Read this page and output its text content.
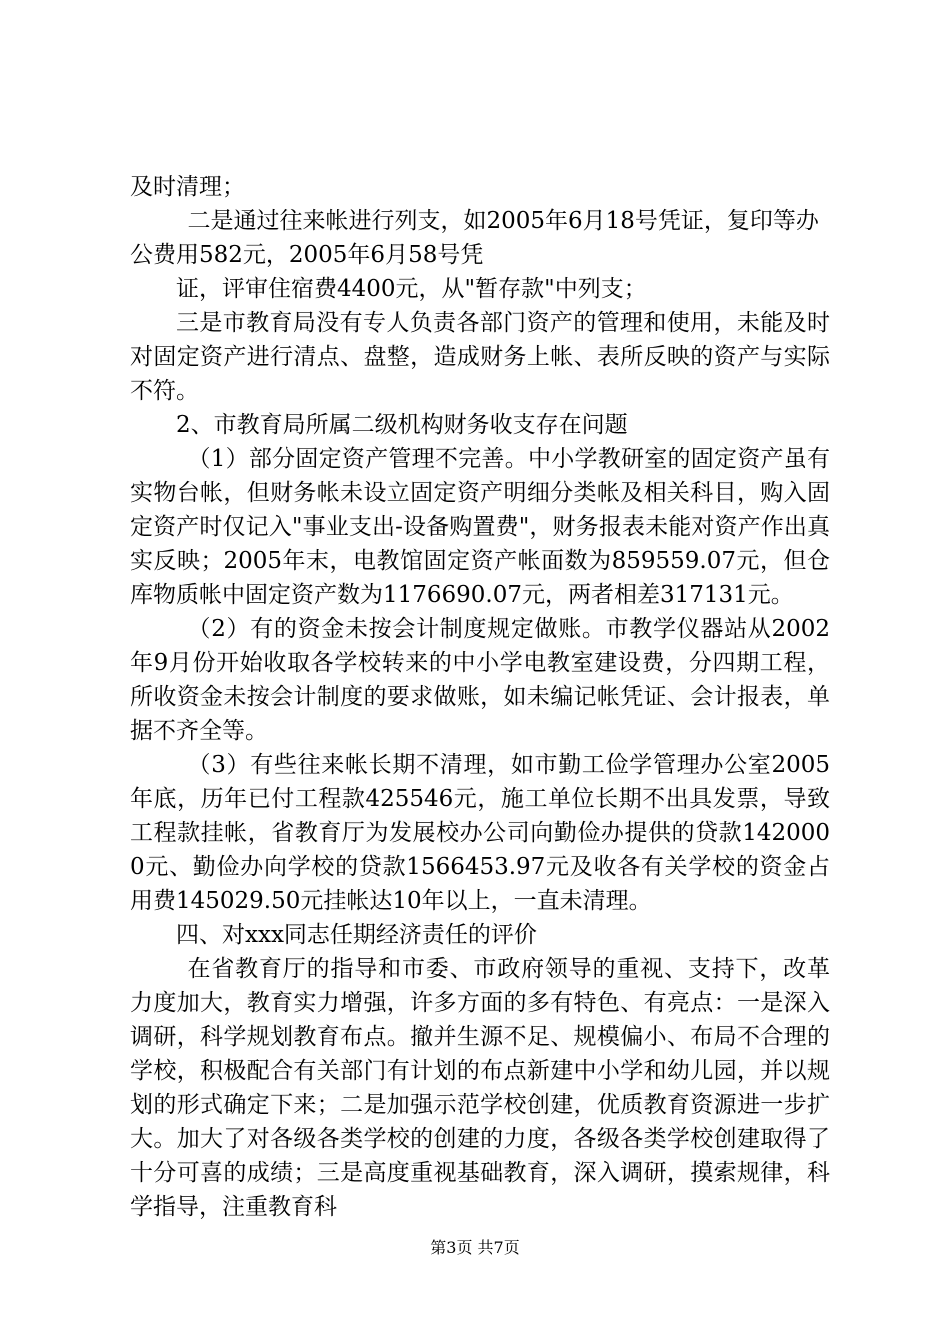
及时清理；

二是通过往来帐进行列支，如2005年6月18号凭证，复印等办公费用582元，2005年6月58号凭

证，评审住宿费4400元，从"暂存款"中列支；

三是市教育局没有专人负责各部门资产的管理和使用，未能及时对固定资产进行清点、盘整，造成财务上帐、表所反映的资产与实际不符。

2、市教育局所属二级机构财务收支存在问题

（1）部分固定资产管理不完善。中小学教研室的固定资产虽有实物台帐，但财务帐未设立固定资产明细分类帐及相关科目，购入固定资产时仅记入"事业支出-设备购置费"，财务报表未能对资产作出真实反映；2005年末，电教馆固定资产帐面数为859559.07元，但仓库物质帐中固定资产数为1176690.07元，两者相差317131元。

（2）有的资金未按会计制度规定做账。市教学仪器站从2002年9月份开始收取各学校转来的中小学电教室建设费，分四期工程，所收资金未按会计制度的要求做账，如未编记帐凭证、会计报表，单据不齐全等。

（3）有些往来帐长期不清理，如市勤工俭学管理办公室2005年底，历年已付工程款425546元，施工单位长期不出具发票，导致工程款挂帐，省教育厅为发展校办公司向勤俭办提供的贷款1420000元、勤俭办向学校的贷款1566453.97元及收各有关学校的资金占用费145029.50元挂帐达10年以上，一直未清理。

四、对xxx同志任期经济责任的评价

在省教育厅的指导和市委、市政府领导的重视、支持下，改革力度加大，教育实力增强，许多方面的多有特色、有亮点：一是深入调研，科学规划教育布点。撤并生源不足、规模偏小、布局不合理的学校，积极配合有关部门有计划的布点新建中小学和幼儿园，并以规划的形式确定下来；二是加强示范学校创建，优质教育资源进一步扩大。加大了对各级各类学校的创建的力度，各级各类学校创建取得了十分可喜的成绩；三是高度重视基础教育，深入调研，摸索规律，科学指导，注重教育科

第3页 共7页
